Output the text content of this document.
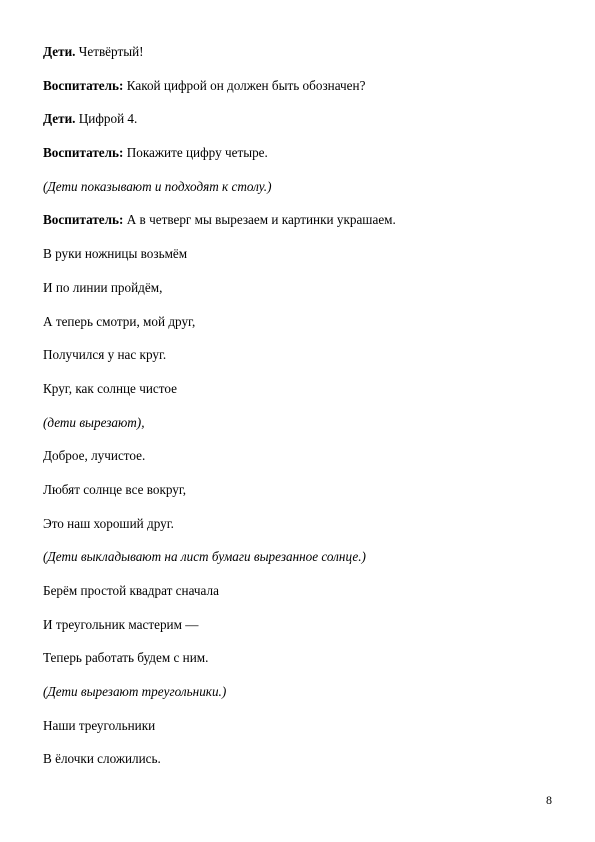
Дети. Четвёртый!
Воспитатель: Какой цифрой он должен быть обозначен?
Дети. Цифрой 4.
Воспитатель: Покажите цифру четыре.
(Дети показывают и подходят к столу.)
Воспитатель: А в четверг мы вырезаем и картинки украшаем.
В руки ножницы возьмём
И по линии пройдём,
А теперь смотри, мой друг,
Получился у нас круг.
Круг, как солнце чистое
(дети вырезают),
Доброе, лучистое.
Любят солнце все вокруг,
Это наш хороший друг.
(Дети выкладывают на лист бумаги вырезанное солнце.)
Берём простой квадрат сначала
И треугольник мастерим —
Теперь работать будем с ним.
(Дети вырезают треугольники.)
Наши треугольники
В ёлочки сложились.
8
